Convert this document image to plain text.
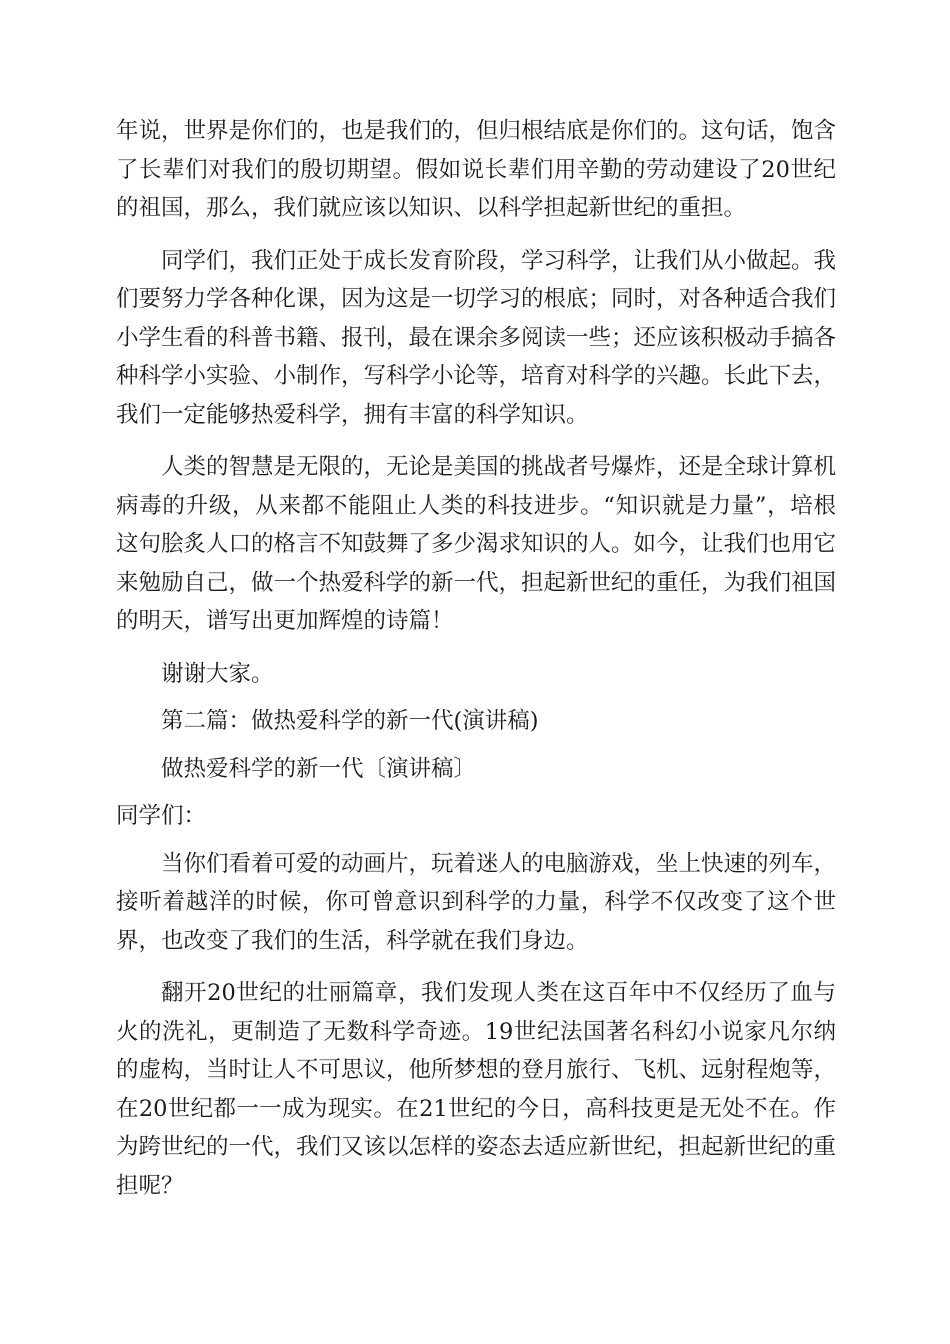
年说，世界是你们的，也是我们的，但归根结底是你们的。这句话，饱含了长辈们对我们的殷切期望。假如说长辈们用辛勤的劳动建设了20世纪的祖国，那么，我们就应该以知识、以科学担起新世纪的重担。

同学们，我们正处于成长发育阶段，学习科学，让我们从小做起。我们要努力学各种化课，因为这是一切学习的根底；同时，对各种适合我们小学生看的科普书籍、报刊，最在课余多阅读一些；还应该积极动手搞各种科学小实验、小制作，写科学小论等，培育对科学的兴趣。长此下去，我们一定能够热爱科学，拥有丰富的科学知识。

人类的智慧是无限的，无论是美国的挑战者号爆炸，还是全球计算机病毒的升级，从来都不能阻止人类的科技进步。“知识就是力量”，培根这句脍炙人口的格言不知鼓舞了多少渴求知识的人。如今，让我们也用它来勉励自己，做一个热爱科学的新一代，担起新世纪的重任，为我们祖国的明天，谱写出更加辉煌的诗篇！

谢谢大家。

第二篇：做热爱科学的新一代(演讲稿)

做热爱科学的新一代〔演讲稿〕

同学们：

当你们看着可爱的动画片，玩着迷人的电脑游戏，坐上快速的列车，接听着越洋的时候，你可曾意识到科学的力量，科学不仅改变了这个世界，也改变了我们的生活，科学就在我们身边。

翻开20世纪的壮丽篇章，我们发现人类在这百年中不仅经历了血与火的洗礼，更制造了无数科学奇迹。19世纪法国著名科幻小说家凡尔纳的虚构，当时让人不可思议，他所梦想的登月旅行、飞机、远射程炮等，在20世纪都一一成为现实。在21世纪的今日，高科技更是无处不在。作为跨世纪的一代，我们又该以怎样的姿态去适应新世纪，担起新世纪的重担呢？
